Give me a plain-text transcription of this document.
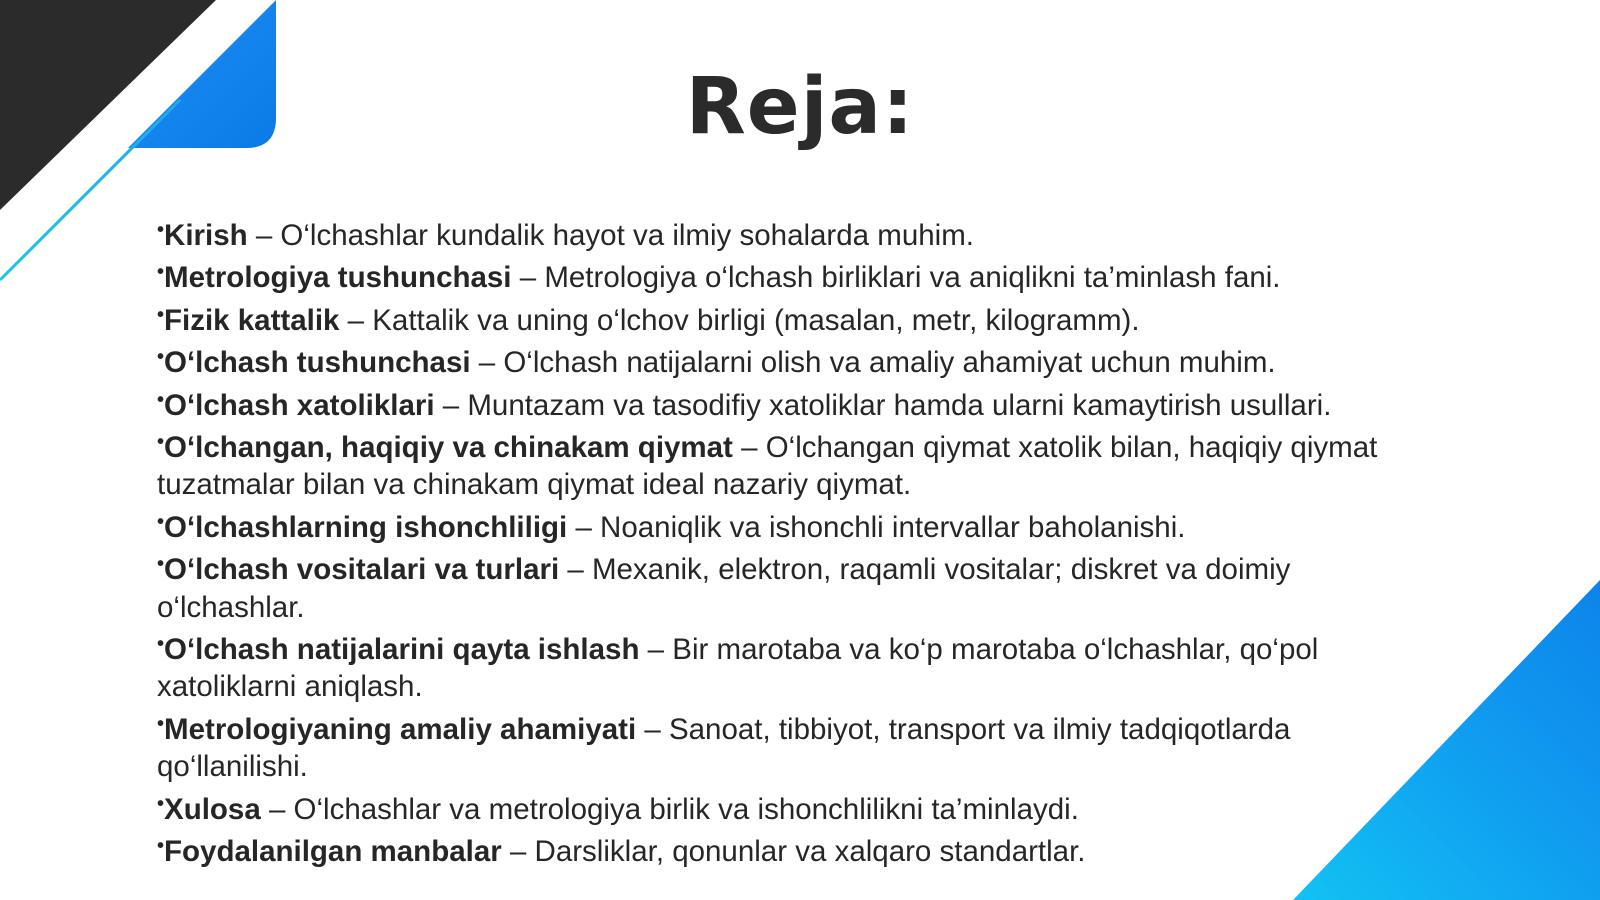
Reja:
•Kirish – O‘lchashlar kundalik hayot va ilmiy sohalarda muhim.
•Metrologiya tushunchasi – Metrologiya o‘lchash birliklari va aniqlikni ta’minlash fani.
•Fizik kattalik – Kattalik va uning o‘lchov birligi (masalan, metr, kilogramm).
•O‘lchash tushunchasi – O‘lchash natijalarni olish va amaliy ahamiyat uchun muhim.
•O‘lchash xatoliklari – Muntazam va tasodifiy xatoliklar hamda ularni kamaytirish usullari.
•O‘lchangan, haqiqiy va chinakam qiymat – O‘lchangan qiymat xatolik bilan, haqiqiy qiymat tuzatmalar bilan va chinakam qiymat ideal nazariy qiymat.
•O‘lchashlarning ishonchliligi – Noaniqlik va ishonchli intervallar baholanishi.
•O‘lchash vositalari va turlari – Mexanik, elektron, raqamli vositalar; diskret va doimiy o‘lchashlar.
•O‘lchash natijalarini qayta ishlash – Bir marotaba va ko‘p marotaba o‘lchashlar, qo‘pol xatoliklarni aniqlash.
•Metrologiyaning amaliy ahamiyati – Sanoat, tibbiyot, transport va ilmiy tadqiqotlarda qo‘llanilishi.
•Xulosa – O‘lchashlar va metrologiya birlik va ishonchlilikni ta’minlaydi.
•Foydalanilgan manbalar – Darsliklar, qonunlar va xalqaro standartlar.
